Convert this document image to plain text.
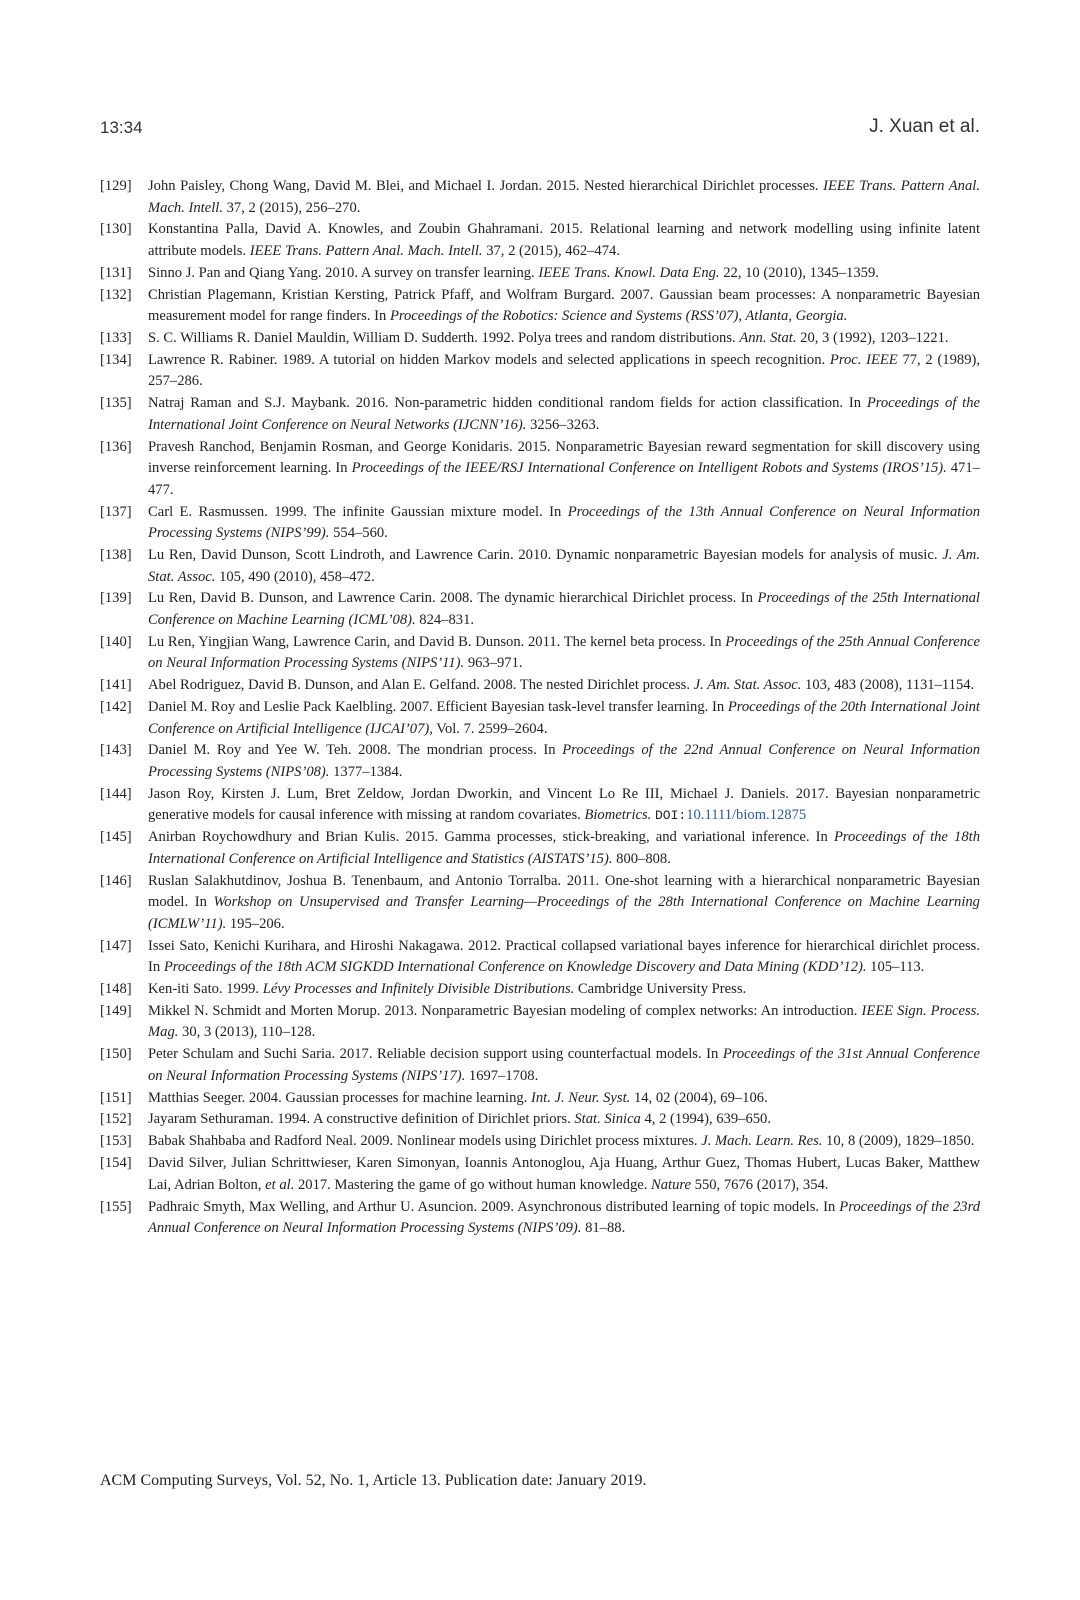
13:34	J. Xuan et al.
[129]	John Paisley, Chong Wang, David M. Blei, and Michael I. Jordan. 2015. Nested hierarchical Dirichlet processes. IEEE Trans. Pattern Anal. Mach. Intell. 37, 2 (2015), 256–270.
[130]	Konstantina Palla, David A. Knowles, and Zoubin Ghahramani. 2015. Relational learning and network modelling using infinite latent attribute models. IEEE Trans. Pattern Anal. Mach. Intell. 37, 2 (2015), 462–474.
[131]	Sinno J. Pan and Qiang Yang. 2010. A survey on transfer learning. IEEE Trans. Knowl. Data Eng. 22, 10 (2010), 1345–1359.
[132]	Christian Plagemann, Kristian Kersting, Patrick Pfaff, and Wolfram Burgard. 2007. Gaussian beam processes: A nonparametric Bayesian measurement model for range finders. In Proceedings of the Robotics: Science and Systems (RSS’07), Atlanta, Georgia.
[133]	S. C. Williams R. Daniel Mauldin, William D. Sudderth. 1992. Polya trees and random distributions. Ann. Stat. 20, 3 (1992), 1203–1221.
[134]	Lawrence R. Rabiner. 1989. A tutorial on hidden Markov models and selected applications in speech recognition. Proc. IEEE 77, 2 (1989), 257–286.
[135]	Natraj Raman and S.J. Maybank. 2016. Non-parametric hidden conditional random fields for action classification. In Proceedings of the International Joint Conference on Neural Networks (IJCNN’16). 3256–3263.
[136]	Pravesh Ranchod, Benjamin Rosman, and George Konidaris. 2015. Nonparametric Bayesian reward segmentation for skill discovery using inverse reinforcement learning. In Proceedings of the IEEE/RSJ International Conference on Intelligent Robots and Systems (IROS’15). 471–477.
[137]	Carl E. Rasmussen. 1999. The infinite Gaussian mixture model. In Proceedings of the 13th Annual Conference on Neural Information Processing Systems (NIPS’99). 554–560.
[138]	Lu Ren, David Dunson, Scott Lindroth, and Lawrence Carin. 2010. Dynamic nonparametric Bayesian models for analysis of music. J. Am. Stat. Assoc. 105, 490 (2010), 458–472.
[139]	Lu Ren, David B. Dunson, and Lawrence Carin. 2008. The dynamic hierarchical Dirichlet process. In Proceedings of the 25th International Conference on Machine Learning (ICML’08). 824–831.
[140]	Lu Ren, Yingjian Wang, Lawrence Carin, and David B. Dunson. 2011. The kernel beta process. In Proceedings of the 25th Annual Conference on Neural Information Processing Systems (NIPS’11). 963–971.
[141]	Abel Rodriguez, David B. Dunson, and Alan E. Gelfand. 2008. The nested Dirichlet process. J. Am. Stat. Assoc. 103, 483 (2008), 1131–1154.
[142]	Daniel M. Roy and Leslie Pack Kaelbling. 2007. Efficient Bayesian task-level transfer learning. In Proceedings of the 20th International Joint Conference on Artificial Intelligence (IJCAI’07), Vol. 7. 2599–2604.
[143]	Daniel M. Roy and Yee W. Teh. 2008. The mondrian process. In Proceedings of the 22nd Annual Conference on Neural Information Processing Systems (NIPS’08). 1377–1384.
[144]	Jason Roy, Kirsten J. Lum, Bret Zeldow, Jordan Dworkin, and Vincent Lo Re III, Michael J. Daniels. 2017. Bayesian nonparametric generative models for causal inference with missing at random covariates. Biometrics. DOI:10.1111/biom.12875
[145]	Anirban Roychowdhury and Brian Kulis. 2015. Gamma processes, stick-breaking, and variational inference. In Proceedings of the 18th International Conference on Artificial Intelligence and Statistics (AISTATS’15). 800–808.
[146]	Ruslan Salakhutdinov, Joshua B. Tenenbaum, and Antonio Torralba. 2011. One-shot learning with a hierarchical nonparametric Bayesian model. In Workshop on Unsupervised and Transfer Learning—Proceedings of the 28th International Conference on Machine Learning (ICMLW’11). 195–206.
[147]	Issei Sato, Kenichi Kurihara, and Hiroshi Nakagawa. 2012. Practical collapsed variational bayes inference for hierarchical dirichlet process. In Proceedings of the 18th ACM SIGKDD International Conference on Knowledge Discovery and Data Mining (KDD’12). 105–113.
[148]	Ken-iti Sato. 1999. Lévy Processes and Infinitely Divisible Distributions. Cambridge University Press.
[149]	Mikkel N. Schmidt and Morten Morup. 2013. Nonparametric Bayesian modeling of complex networks: An introduction. IEEE Sign. Process. Mag. 30, 3 (2013), 110–128.
[150]	Peter Schulam and Suchi Saria. 2017. Reliable decision support using counterfactual models. In Proceedings of the 31st Annual Conference on Neural Information Processing Systems (NIPS’17). 1697–1708.
[151]	Matthias Seeger. 2004. Gaussian processes for machine learning. Int. J. Neur. Syst. 14, 02 (2004), 69–106.
[152]	Jayaram Sethuraman. 1994. A constructive definition of Dirichlet priors. Stat. Sinica 4, 2 (1994), 639–650.
[153]	Babak Shahbaba and Radford Neal. 2009. Nonlinear models using Dirichlet process mixtures. J. Mach. Learn. Res. 10, 8 (2009), 1829–1850.
[154]	David Silver, Julian Schrittwieser, Karen Simonyan, Ioannis Antonoglou, Aja Huang, Arthur Guez, Thomas Hubert, Lucas Baker, Matthew Lai, Adrian Bolton, et al. 2017. Mastering the game of go without human knowledge. Nature 550, 7676 (2017), 354.
[155]	Padhraic Smyth, Max Welling, and Arthur U. Asuncion. 2009. Asynchronous distributed learning of topic models. In Proceedings of the 23rd Annual Conference on Neural Information Processing Systems (NIPS’09). 81–88.
ACM Computing Surveys, Vol. 52, No. 1, Article 13. Publication date: January 2019.
